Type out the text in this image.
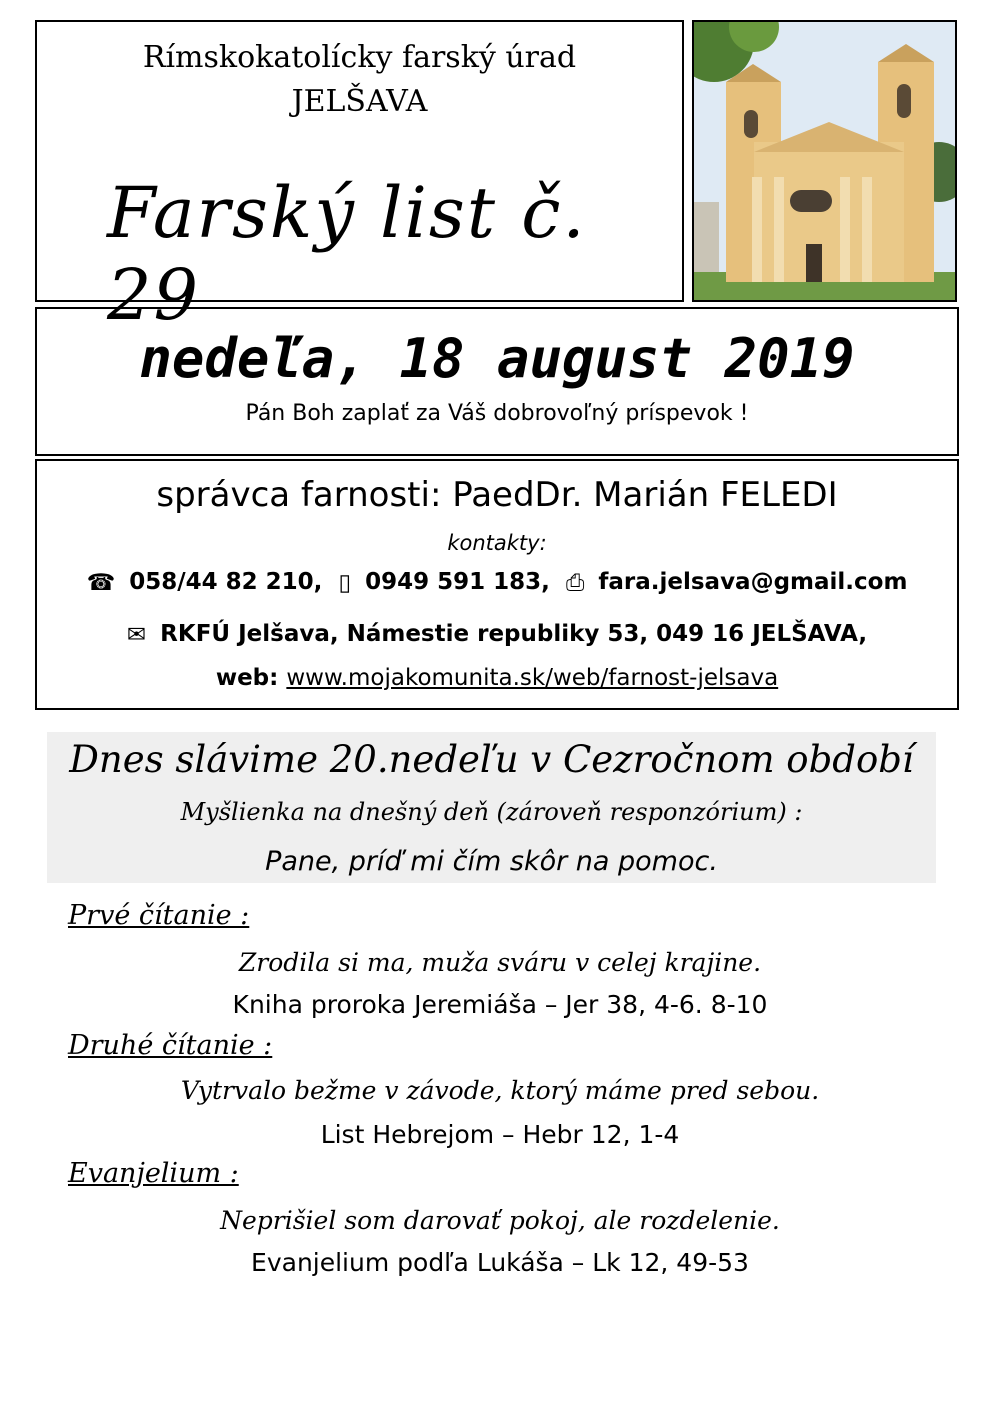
Rímskokatolícky farský úrad
JELŠAVA
Farský list č. 29
nedeľa, 18 august 2019
Pán Boh zaplať za Váš dobrovoľný príspevok !
správca farnosti: PaedDr. Marián FELEDI
kontakty:
☎ 058/44 82 210, ▯ 0949 591 183, ⎙ fara.jelsava@gmail.com
✉ RKFÚ Jelšava, Námestie republiky 53, 049 16 JELŠAVA,
web: www.mojakomunita.sk/web/farnost-jelsava
Dnes slávime 20.nedeľu v Cezročnom období
Myšlienka na dnešný deň (zároveň responzórium) :
Pane, príď mi čím skôr na pomoc.
Prvé čítanie :
Zrodila si ma, muža sváru v celej krajine.
Kniha proroka Jeremiáša – Jer 38, 4-6. 8-10
Druhé čítanie :
Vytrvalo bežme v závode, ktorý máme pred sebou.
List Hebrejom – Hebr 12, 1-4
Evanjelium :
Neprišiel som darovať pokoj, ale rozdelenie.
Evanjelium podľa Lukáša – Lk 12, 49-53
